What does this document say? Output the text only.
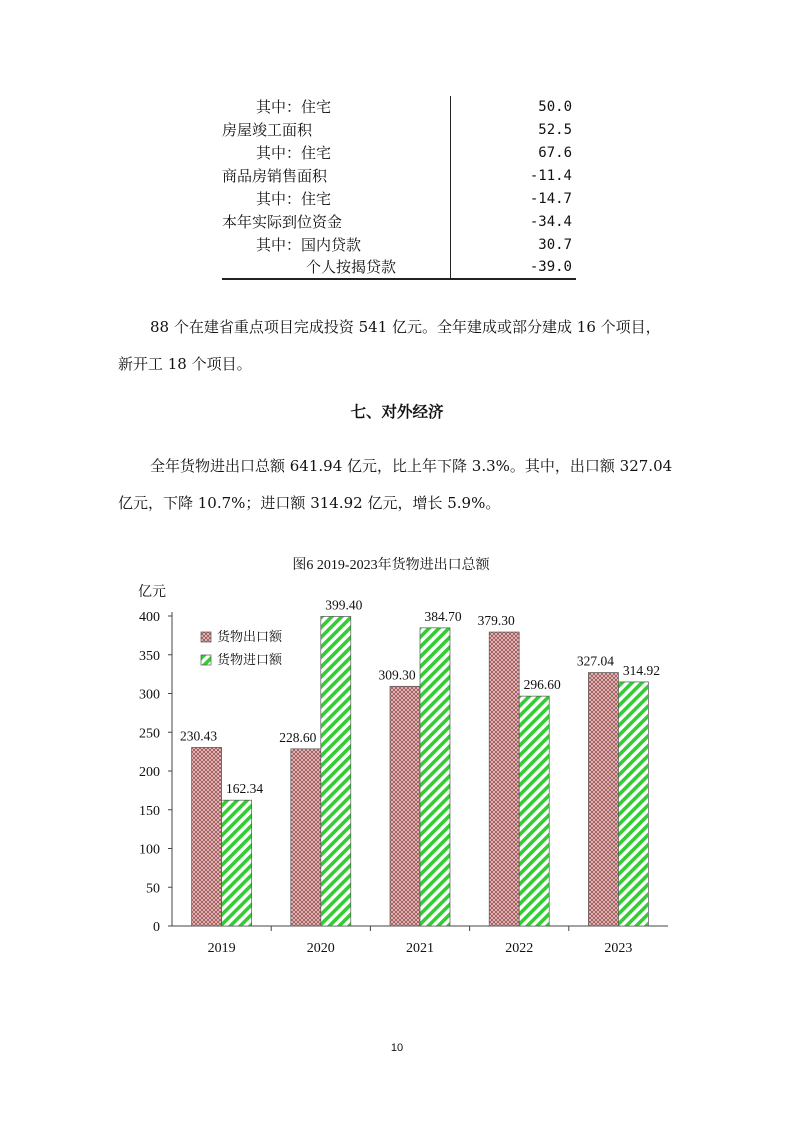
其中：住宅	50.0
房屋竣工面积	52.5
其中：住宅	67.6
商品房销售面积	-11.4
其中：住宅	-14.7
本年实际到位资金	-34.4
其中：国内贷款	30.7
个人按揭贷款	-39.0
88 个在建省重点项目完成投资 541 亿元。全年建成或部分建成 16 个项目，
新开工 18 个项目。
七、对外经济
全年货物进出口总额 641.94 亿元，比上年下降 3.3%。其中，出口额 327.04
亿元，下降 10.7%；进口额 314.92 亿元，增长 5.9%。
图6 2019-2023年货物进出口总额
亿元
0
50
100
150
200
250
300
350
400
2019	2020	2021	2022	2023
230.43
162.34
228.60
399.40
309.30
384.70 379.30
296.60
327.04
314.92
货物出口额
货物进口额
10
